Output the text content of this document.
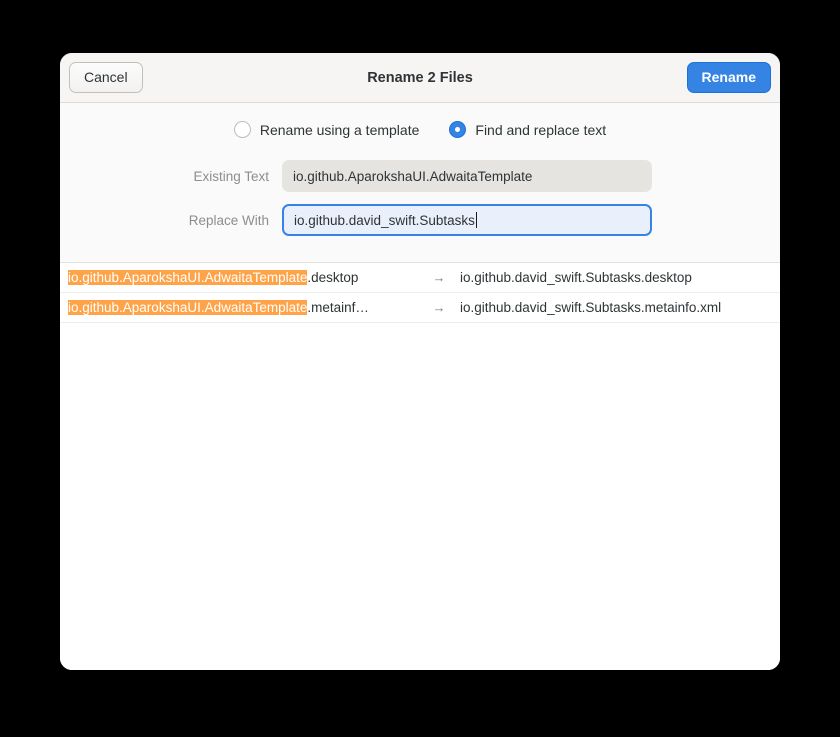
Cancel	Rename 2 Files	Rename
Rename using a template	Find and replace text
Existing Text	io.github.AparokshaUI.AdwaitaTemplate
Replace With	io.github.david_swift.Subtasks
io.github.AparokshaUI.AdwaitaTemplate.desktop	→	io.github.david_swift.Subtasks.desktop
io.github.AparokshaUI.AdwaitaTemplate.metainf…	→	io.github.david_swift.Subtasks.metainfo.xml
